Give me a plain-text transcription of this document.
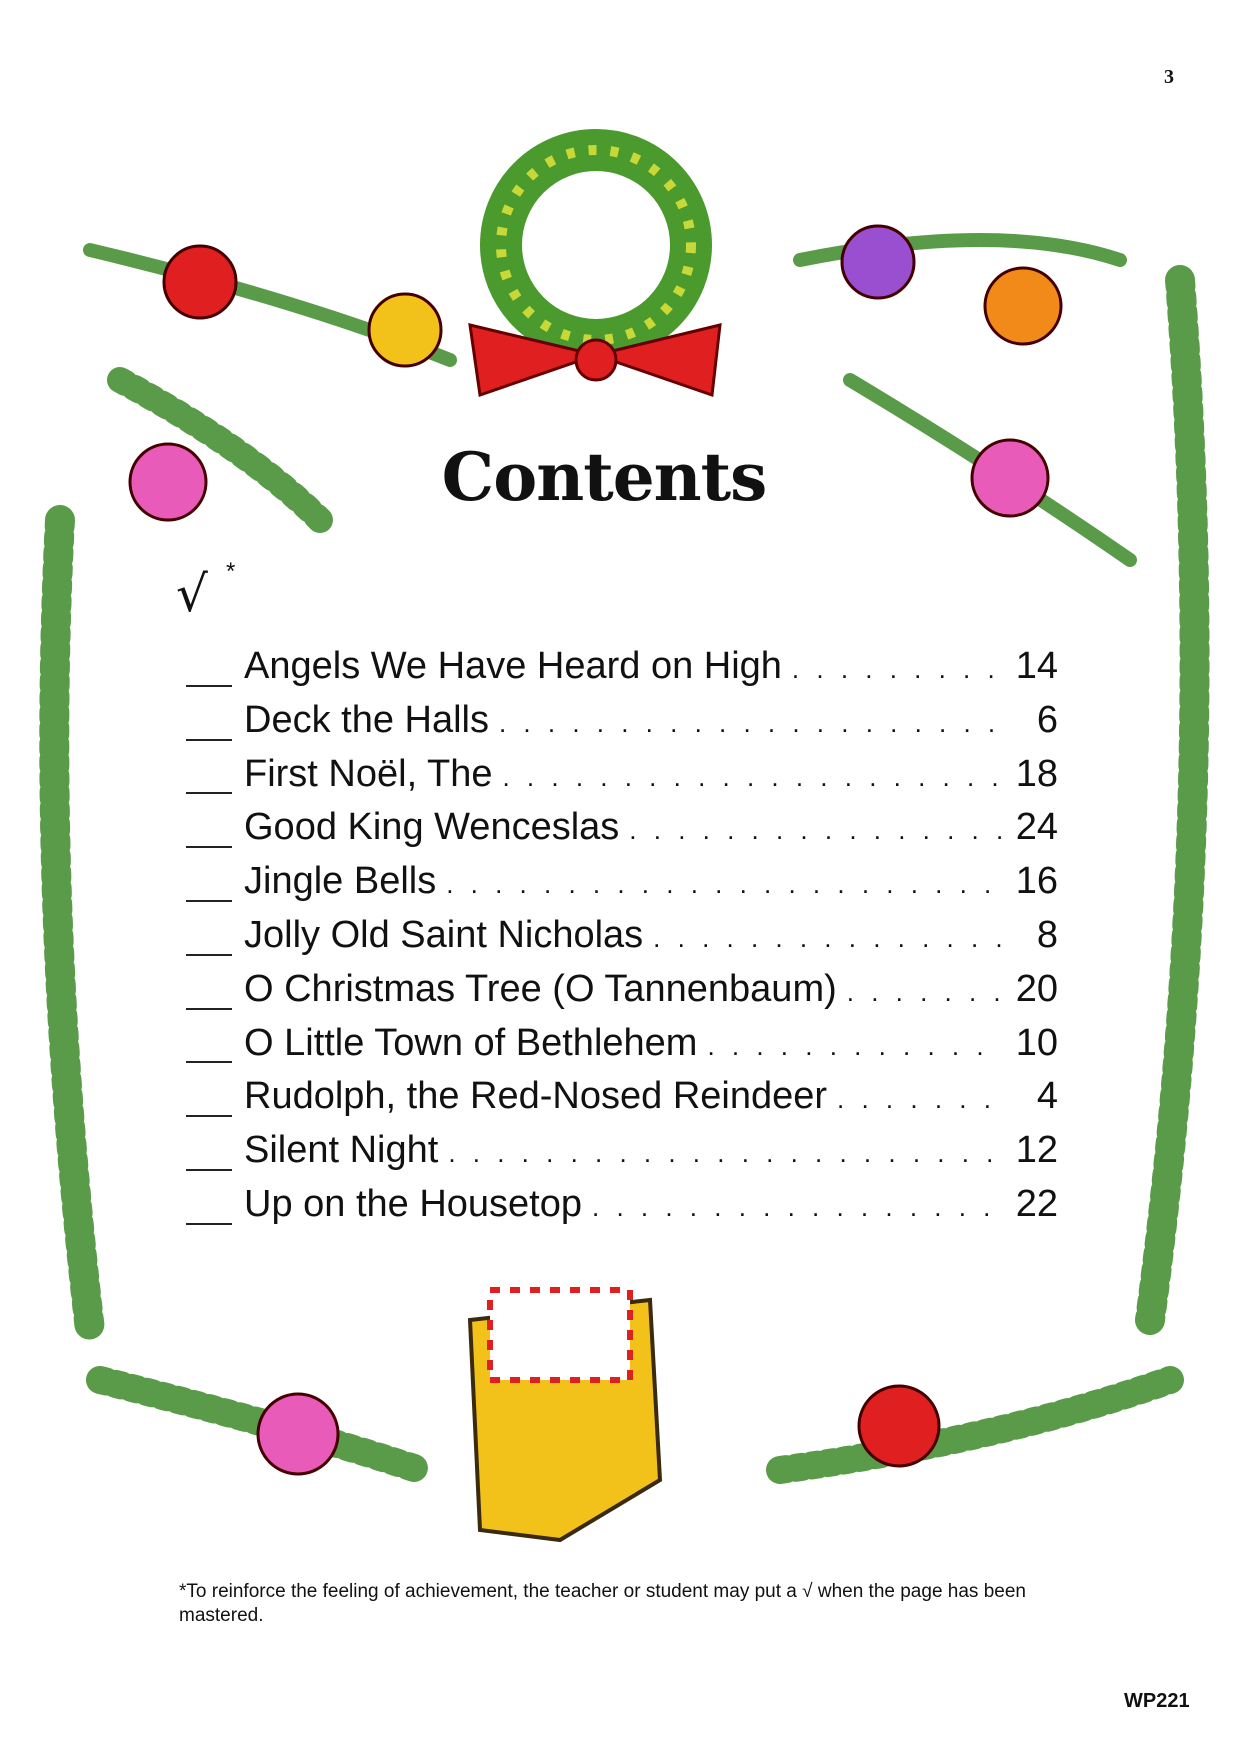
3
Contents
√ *
Angels We Have Heard on High . . .	14
Deck the Halls . . .	6
First Noël, The . . .	18
Good King Wenceslas . . .	24
Jingle Bells . . .	16
Jolly Old Saint Nicholas . . .	8
O Christmas Tree (O Tannenbaum) . . .	20
O Little Town of Bethlehem . . .	10
Rudolph, the Red-Nosed Reindeer . . .	4
Silent Night . . .	12
Up on the Housetop . . .	22
*To reinforce the feeling of achievement, the teacher or student may put a √ when the page has been mastered.
WP221
